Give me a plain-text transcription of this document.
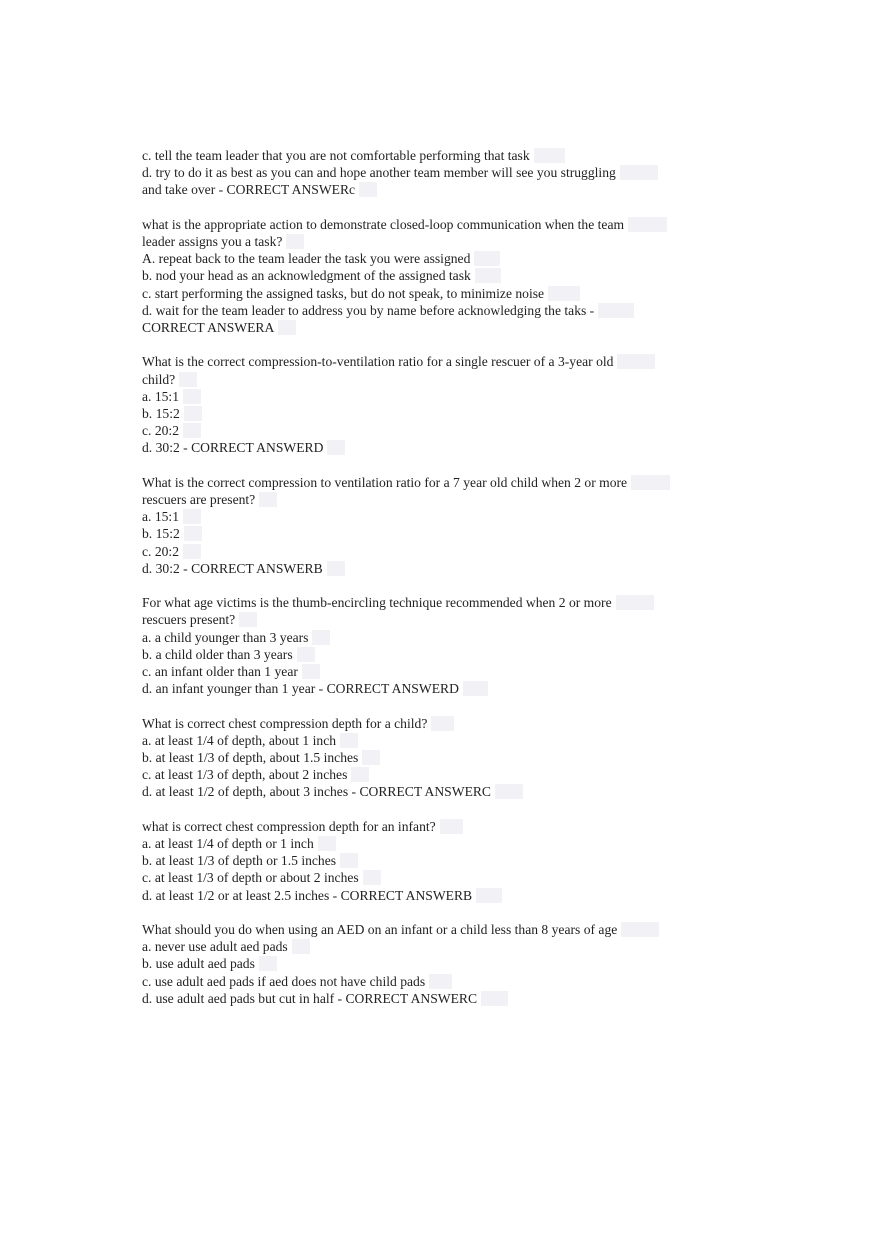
c. tell the team leader that you are not comfortable performing that task
d. try to do it as best as you can and hope another team member will see you struggling
and take over - CORRECT ANSWERc
what is the appropriate action to demonstrate closed-loop communication when the team
leader assigns you a task?
A. repeat back to the team leader the task you were assigned
b. nod your head as an acknowledgment of the assigned task
c. start performing the assigned tasks, but do not speak, to minimize noise
d. wait for the team leader to address you by name before acknowledging the taks -
CORRECT ANSWERA
What is the correct compression-to-ventilation ratio for a single rescuer of a 3-year old
child?
a. 15:1
b. 15:2
c. 20:2
d. 30:2 - CORRECT ANSWERD
What is the correct compression to ventilation ratio for a 7 year old child when 2 or more
rescuers are present?
a. 15:1
b. 15:2
c. 20:2
d. 30:2 - CORRECT ANSWERB
For what age victims is the thumb-encircling technique recommended when 2 or more
rescuers present?
a. a child younger than 3 years
b. a child older than 3 years
c. an infant older than 1 year
d. an infant younger than 1 year - CORRECT ANSWERD
What is correct chest compression depth for a child?
a. at least 1/4 of depth, about 1 inch
b. at least 1/3 of depth, about 1.5 inches
c. at least 1/3 of depth, about 2 inches
d. at least 1/2 of depth, about 3 inches - CORRECT ANSWERC
what is correct chest compression depth for an infant?
a. at least 1/4 of depth or 1 inch
b. at least 1/3 of depth or 1.5 inches
c. at least 1/3 of depth or about 2 inches
d. at least 1/2 or at least 2.5 inches - CORRECT ANSWERB
What should you do when using an AED on an infant or a child less than 8 years of age
a. never use adult aed pads
b. use adult aed pads
c. use adult aed pads if aed does not have child pads
d. use adult aed pads but cut in half - CORRECT ANSWERC
